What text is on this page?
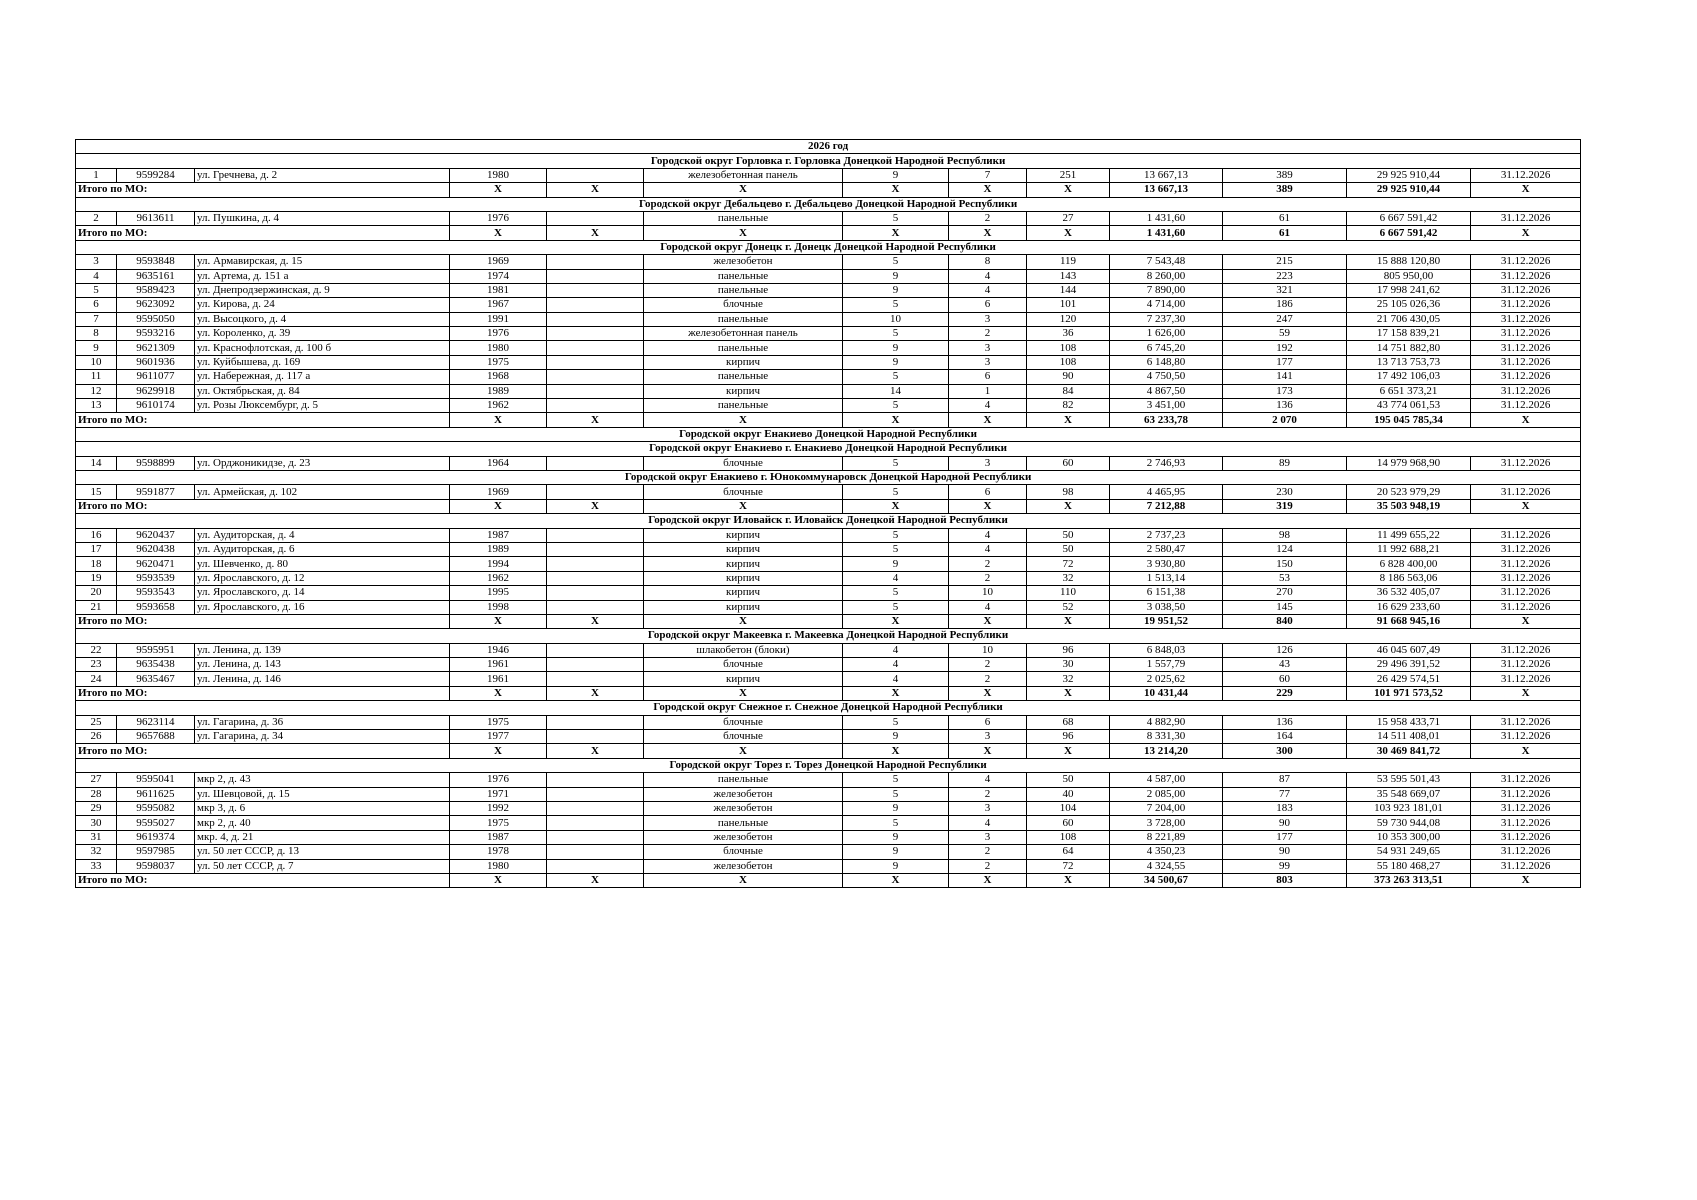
2026 год												
Городской округ Горловка г. Горловка Донецкой Народной Республики												
1	9599284	ул. Гречнева, д. 2	1980		железобетонная панель	9	7	251	13 667,13	389	29 925 910,44	31.12.2026
Итого по МО:			X	X	X	X	X	X	13 667,13	389	29 925 910,44	X
Городской округ Дебальцево г. Дебальцево Донецкой Народной Республики												
2	9613611	ул. Пушкина, д. 4	1976		панельные	5	2	27	1 431,60	61	6 667 591,42	31.12.2026
Итого по МО:			X	X	X	X	X	X	1 431,60	61	6 667 591,42	X
Городской округ Донецк г. Донецк Донецкой Народной Республики												
3	9593848	ул. Армавирская, д. 15	1969		железобетон	5	8	119	7 543,48	215	15 888 120,80	31.12.2026
4	9635161	ул. Артема, д. 151 а	1974		панельные	9	4	143	8 260,00	223	805 950,00	31.12.2026
5	9589423	ул. Днепродзержинская, д. 9	1981		панельные	9	4	144	7 890,00	321	17 998 241,62	31.12.2026
6	9623092	ул. Кирова, д. 24	1967		блочные	5	6	101	4 714,00	186	25 105 026,36	31.12.2026
7	9595050	ул. Высоцкого, д. 4	1991		панельные	10	3	120	7 237,30	247	21 706 430,05	31.12.2026
8	9593216	ул. Короленко, д. 39	1976		железобетонная панель	5	2	36	1 626,00	59	17 158 839,21	31.12.2026
9	9621309	ул. Краснофлотская, д. 100 б	1980		панельные	9	3	108	6 745,20	192	14 751 882,80	31.12.2026
10	9601936	ул. Куйбышева, д. 169	1975		кирпич	9	3	108	6 148,80	177	13 713 753,73	31.12.2026
11	9611077	ул. Набережная, д. 117 а	1968		панельные	5	6	90	4 750,50	141	17 492 106,03	31.12.2026
12	9629918	ул. Октябрьская, д. 84	1989		кирпич	14	1	84	4 867,50	173	6 651 373,21	31.12.2026
13	9610174	ул. Розы Люксембург, д. 5	1962		панельные	5	4	82	3 451,00	136	43 774 061,53	31.12.2026
Итого по МО:			X	X	X	X	X	X	63 233,78	2 070	195 045 785,34	X
Городской округ Енакиево Донецкой Народной Республики												
Городской округ Енакиево г. Енакиево Донецкой Народной Республики												
14	9598899	ул. Орджоникидзе, д. 23	1964		блочные	5	3	60	2 746,93	89	14 979 968,90	31.12.2026
Городской округ Енакиево г. Юнокоммунаровск Донецкой Народной Республики												
15	9591877	ул. Армейская, д. 102	1969		блочные	5	6	98	4 465,95	230	20 523 979,29	31.12.2026
Итого по МО:			X	X	X	X	X	X	7 212,88	319	35 503 948,19	X
Городской округ Иловайск г. Иловайск Донецкой Народной Республики												
16	9620437	ул. Аудиторская, д. 4	1987		кирпич	5	4	50	2 737,23	98	11 499 655,22	31.12.2026
17	9620438	ул. Аудиторская, д. 6	1989		кирпич	5	4	50	2 580,47	124	11 992 688,21	31.12.2026
18	9620471	ул. Шевченко, д. 80	1994		кирпич	9	2	72	3 930,80	150	6 828 400,00	31.12.2026
19	9593539	ул. Ярославского, д. 12	1962		кирпич	4	2	32	1 513,14	53	8 186 563,06	31.12.2026
20	9593543	ул. Ярославского, д. 14	1995		кирпич	5	10	110	6 151,38	270	36 532 405,07	31.12.2026
21	9593658	ул. Ярославского, д. 16	1998		кирпич	5	4	52	3 038,50	145	16 629 233,60	31.12.2026
Итого по МО:			X	X	X	X	X	X	19 951,52	840	91 668 945,16	X
Городской округ Макеевка г. Макеевка Донецкой Народной Республики												
22	9595951	ул. Ленина, д. 139	1946		шлакобетон (блоки)	4	10	96	6 848,03	126	46 045 607,49	31.12.2026
23	9635438	ул. Ленина, д. 143	1961		блочные	4	2	30	1 557,79	43	29 496 391,52	31.12.2026
24	9635467	ул. Ленина, д. 146	1961		кирпич	4	2	32	2 025,62	60	26 429 574,51	31.12.2026
Итого по МО:			X	X	X	X	X	X	10 431,44	229	101 971 573,52	X
Городской округ Снежное г. Снежное Донецкой Народной Республики												
25	9623114	ул. Гагарина, д. 36	1975		блочные	5	6	68	4 882,90	136	15 958 433,71	31.12.2026
26	9657688	ул. Гагарина, д. 34	1977		блочные	9	3	96	8 331,30	164	14 511 408,01	31.12.2026
Итого по МО:			X	X	X	X	X	X	13 214,20	300	30 469 841,72	X
Городской округ Торез г. Торез Донецкой Народной Республики												
27	9595041	мкр 2, д. 43	1976		панельные	5	4	50	4 587,00	87	53 595 501,43	31.12.2026
28	9611625	ул. Шевцовой, д. 15	1971		железобетон	5	2	40	2 085,00	77	35 548 669,07	31.12.2026
29	9595082	мкр 3, д. 6	1992		железобетон	9	3	104	7 204,00	183	103 923 181,01	31.12.2026
30	9595027	мкр 2, д. 40	1975		панельные	5	4	60	3 728,00	90	59 730 944,08	31.12.2026
31	9619374	мкр. 4, д. 21	1987		железобетон	9	3	108	8 221,89	177	10 353 300,00	31.12.2026
32	9597985	ул. 50 лет СССР, д. 13	1978		блочные	9	2	64	4 350,23	90	54 931 249,65	31.12.2026
33	9598037	ул. 50 лет СССР, д. 7	1980		железобетон	9	2	72	4 324,55	99	55 180 468,27	31.12.2026
Итого по МО:			X	X	X	X	X	X	34 500,67	803	373 263 313,51	X
